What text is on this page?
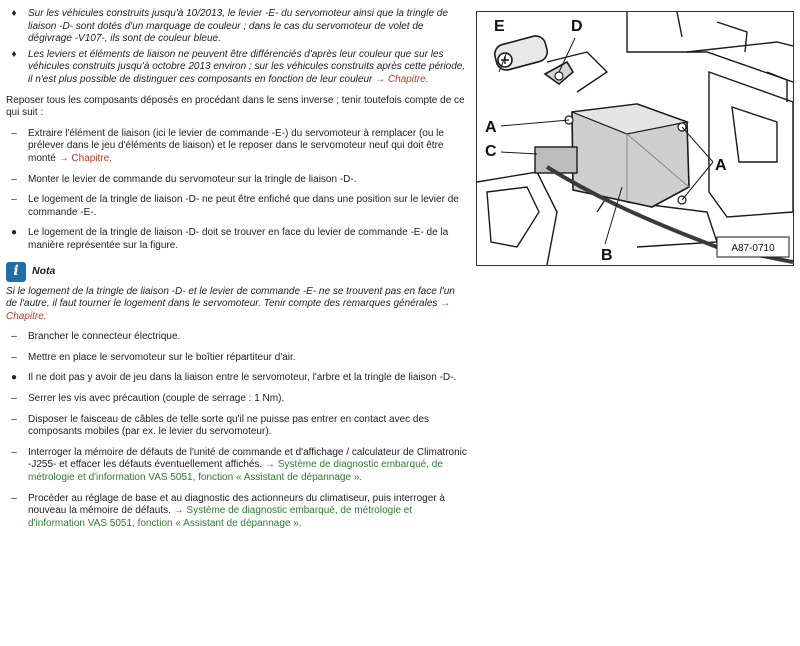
♦	Sur les véhicules construits jusqu'à 10/2013, le levier -E- du servomoteur ainsi que la tringle de liaison -D- sont dotés d'un marquage de couleur ; dans le cas du servomoteur de volet de dégivrage -V107-, ils sont de couleur bleue.
♦	Les leviers et éléments de liaison ne peuvent être différenciés d'après leur couleur que sur les véhicules construits jusqu'à octobre 2013 environ ; sur les véhicules construits après cette période, il n'est plus possible de distinguer ces composants en fonction de leur couleur → Chapitre.
Reposer tous les composants déposés en procédant dans le sens inverse ; tenir toutefois compte de ce qui suit :
–	Extraire l'élément de liaison (ici le levier de commande -E-) du servomoteur à remplacer (ou le prélever dans le jeu d'éléments de liaison) et le reposer dans le servomoteur neuf qui doit être monté → Chapitre.
–	Monter le levier de commande du servomoteur sur la tringle de liaison -D-.
–	Le logement de la tringle de liaison -D- ne peut être enfiché que dans une position sur le levier de commande -E-.
●	Le logement de la tringle de liaison -D- doit se trouver en face du levier de commande -E- de la manière représentée sur la figure.
i	Nota
Si le logement de la tringle de liaison -D- et le levier de commande -E- ne se trouvent pas en face l'un de l'autre, il faut tourner le logement dans le servomoteur. Tenir compte des remarques générales → Chapitre.
–	Brancher le connecteur électrique.
–	Mettre en place le servomoteur sur le boîtier répartiteur d'air.
●	Il ne doit pas y avoir de jeu dans la liaison entre le servomoteur, l'arbre et la tringle de liaison -D-.
–	Serrer les vis avec précaution (couple de serrage : 1 Nm).
–	Disposer le faisceau de câbles de telle sorte qu'il ne puisse pas entrer en contact avec des composants mobiles (par ex. le levier du servomoteur).
–	Interroger la mémoire de défauts de l'unité de commande et d'affichage / calculateur de Climatronic -J255- et effacer les défauts éventuellement affichés. → Système de diagnostic embarqué, de métrologie et d'information VAS 5051, fonction « Assistant de dépannage ».
–	Procéder au réglage de base et au diagnostic des actionneurs du climatiseur, puis interroger à nouveau la mémoire de défauts. → Système de diagnostic embarqué, de métrologie et d'information VAS 5051, fonction « Assistant de dépannage ».
E	D
A
C
A
B	A87-0710
